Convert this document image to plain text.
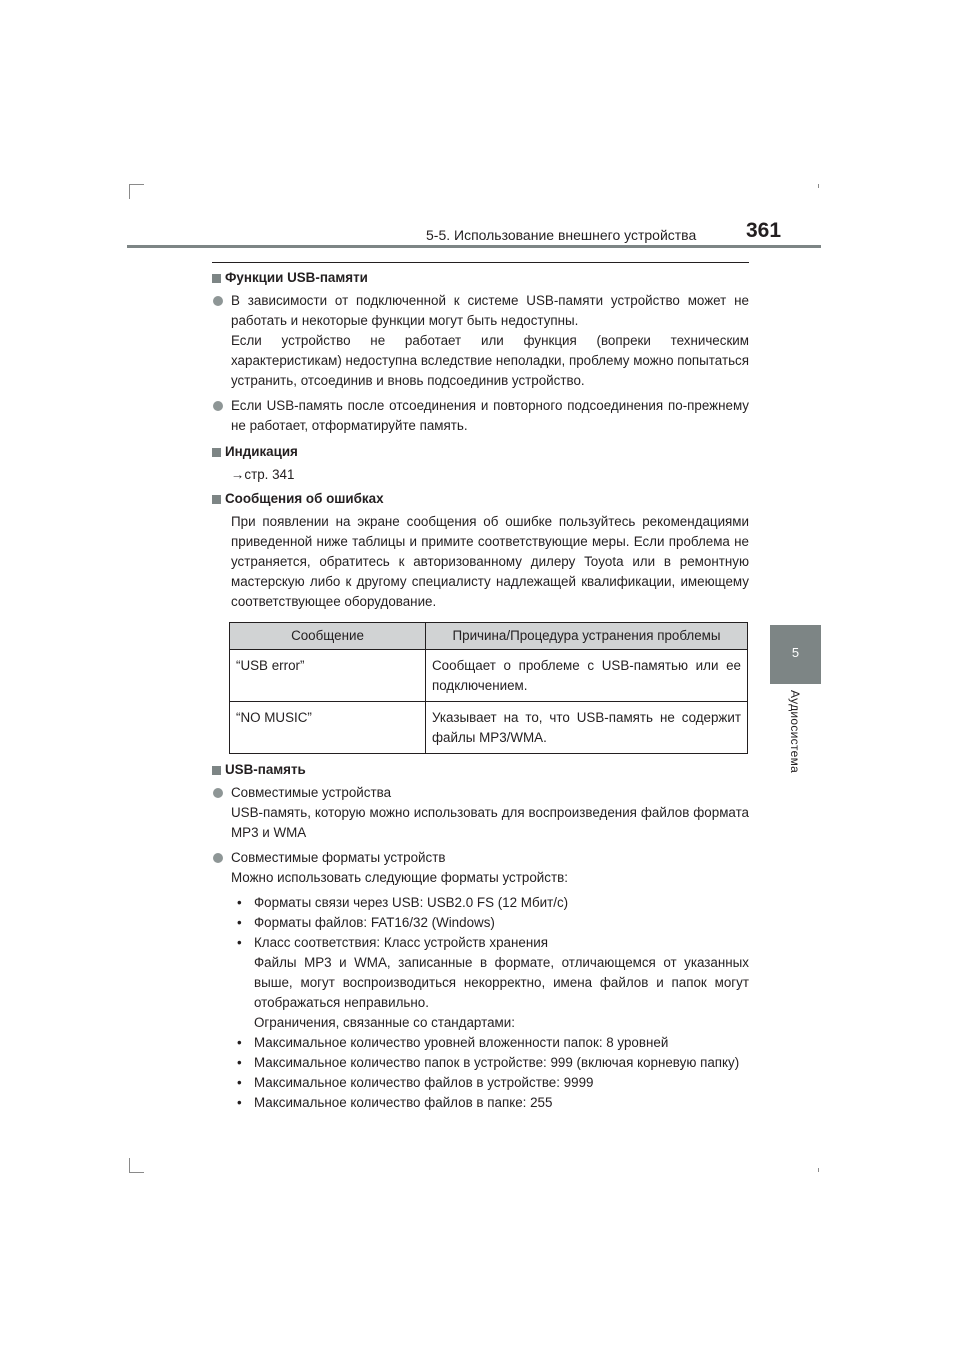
5-5. Использование внешнего устройства 361
5
Аудиосистема
Функции USB-памяти

В зависимости от подключенной к системе USB-памяти устройство может не работать и некоторые функции могут быть недоступны.

Если устройство не работает или функция (вопреки техническим характеристикам) недоступна вследствие неполадки, проблему можно попытаться устранить, отсоединив и вновь подсоединив устройство.

Если USB-память после отсоединения и повторного подсоединения по-прежнему не работает, отформатируйте память.

Индикация

→стр. 341

Сообщения об ошибках

При появлении на экране сообщения об ошибке пользуйтесь рекомендациями приведенной ниже таблицы и примите соответствующие меры. Если проблема не устраняется, обратитесь к авторизованному дилеру Toyota или в ремонтную мастерскую либо к другому специалисту надлежащей квалификации, имеющему соответствующее оборудование.

Сообщение	Причина/Процедура устранения проблемы
“USB error”	Сообщает о проблеме с USB-памятью или ее подключением.
“NO MUSIC”	Указывает на то, что USB-память не содержит файлы MP3/WMA.
USB-память

Совместимые устройства

USB-память, которую можно использовать для воспроизведения файлов формата MP3 и WMA

Совместимые форматы устройств

Можно использовать следующие форматы устройств:

• Форматы связи через USB: USB2.0 FS (12 Мбит/с)
• Форматы файлов: FAT16/32 (Windows)
• Класс соответствия: Класс устройств хранения

Файлы MP3 и WMA, записанные в формате, отличающемся от указанных выше, могут воспроизводиться некорректно, имена файлов и папок могут отображаться неправильно.

Ограничения, связанные со стандартами:

• Максимальное количество уровней вложенности папок: 8 уровней
• Максимальное количество папок в устройстве: 999 (включая корневую папку)
• Максимальное количество файлов в устройстве: 9999
• Максимальное количество файлов в папке: 255
